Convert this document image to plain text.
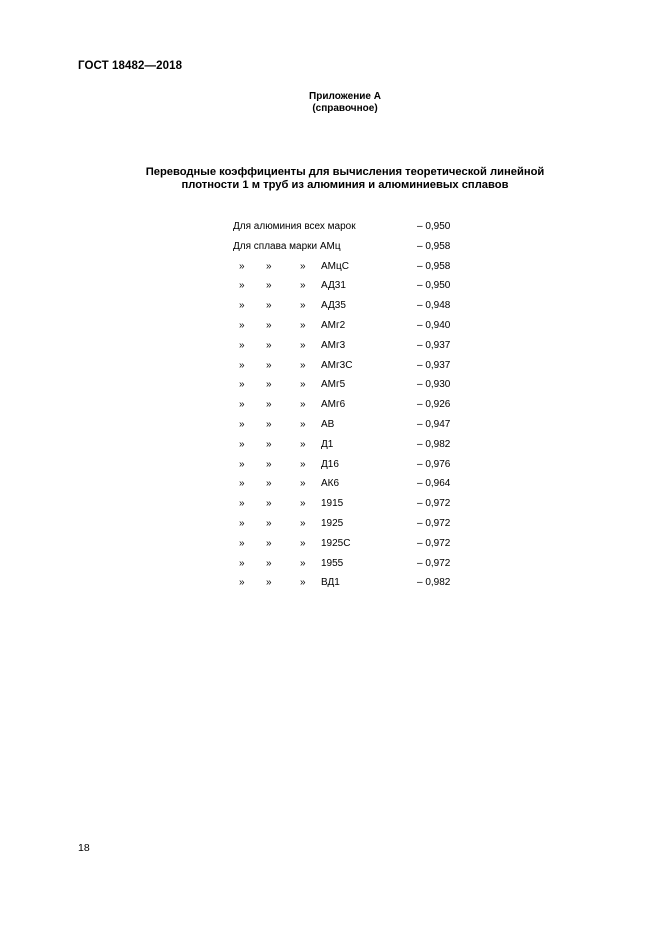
ГОСТ 18482—2018
Приложение А
(справочное)
Переводные коэффициенты для вычисления теоретической линейной
плотности 1 м труб из алюминия и алюминиевых сплавов
Для алюминия всех марок	– 0,950
Для сплава марки АМц	– 0,958
» »	» АМцС	– 0,958
» »	» АД31	– 0,950
» »	» АД35	– 0,948
» »	» АМг2	– 0,940
» »	» АМг3	– 0,937
» »	» АМг3С	– 0,937
» »	» АМг5	– 0,930
» »	» АМг6	– 0,926
» »	» АВ	– 0,947
» »	» Д1	– 0,982
» »	» Д16	– 0,976
» »	» АК6	– 0,964
» »	» 1915	– 0,972
» »	» 1925	– 0,972
» »	» 1925С	– 0,972
» »	» 1955	– 0,972
» »	» ВД1	– 0,982
18
